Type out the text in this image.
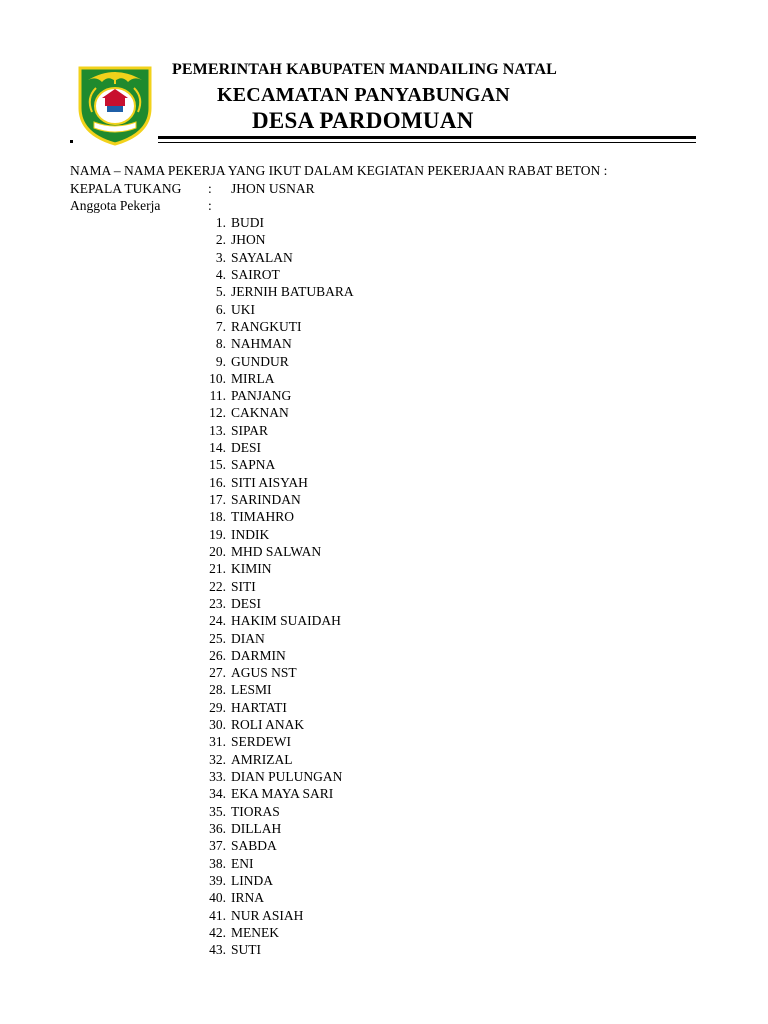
PEMERINTAH KABUPATEN MANDAILING NATAL
KECAMATAN PANYABUNGAN
DESA PARDOMUAN
NAMA – NAMA PEKERJA YANG IKUT DALAM KEGIATAN PEKERJAAN RABAT BETON :
KEPALA TUKANG : JHON USNAR
Anggota Pekerja	:
1. BUDI
2. JHON
3. SAYALAN
4. SAIROT
5. JERNIH BATUBARA
6. UKI
7. RANGKUTI
8. NAHMAN
9. GUNDUR
10. MIRLA
11. PANJANG
12. CAKNAN
13. SIPAR
14. DESI
15. SAPNA
16. SITI AISYAH
17. SARINDAN
18. TIMAHRO
19. INDIK
20. MHD SALWAN
21. KIMIN
22. SITI
23. DESI
24. HAKIM SUAIDAH
25. DIAN
26. DARMIN
27. AGUS NST
28. LESMI
29. HARTATI
30. ROLI ANAK
31. SERDEWI
32. AMRIZAL
33. DIAN PULUNGAN
34. EKA MAYA SARI
35. TIORAS
36. DILLAH
37. SABDA
38. ENI
39. LINDA
40. IRNA
41. NUR ASIAH
42. MENEK
43. SUTI
